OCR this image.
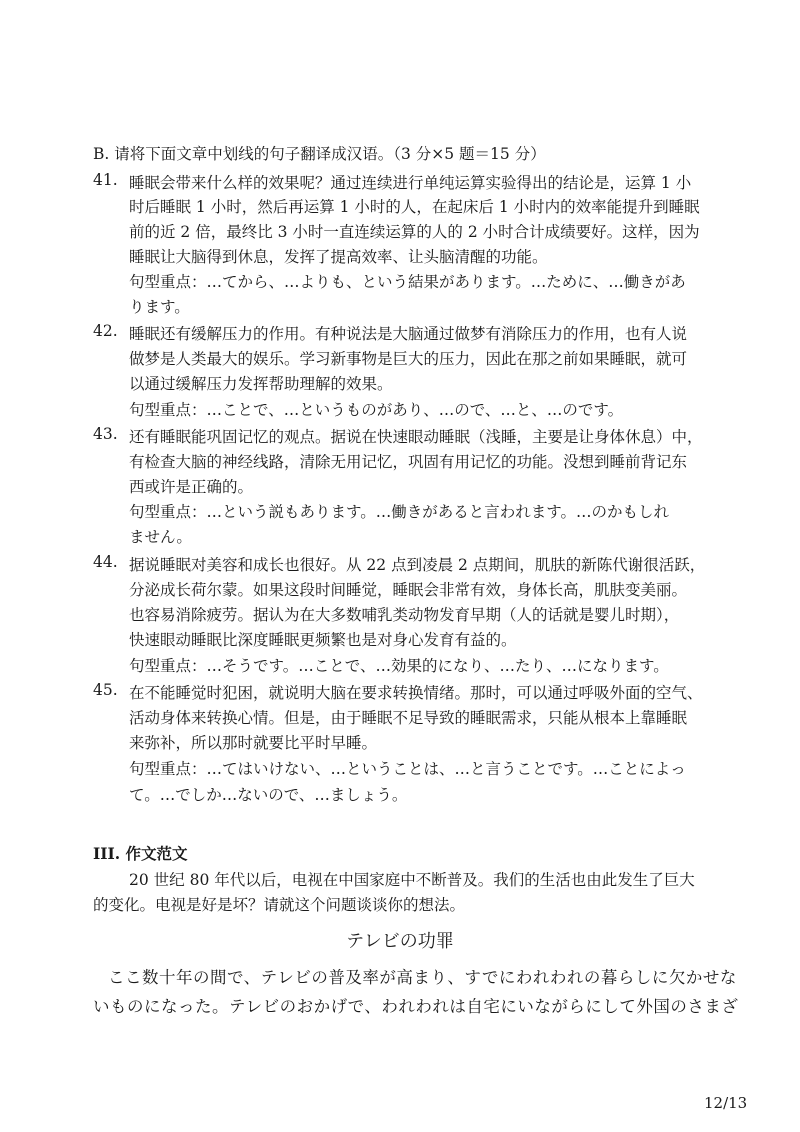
B. 请将下面文章中划线的句子翻译成汉语。（3 分×5 题＝15 分）
41. 睡眠会带来什么样的效果呢？通过连续进行单纯运算实验得出的结论是，运算 1 小
时后睡眠 1 小时，然后再运算 1 小时的人，在起床后 1 小时内的效率能提升到睡眠
前的近 2 倍，最终比 3 小时一直连续运算的人的 2 小时合计成绩要好。这样，因为
睡眠让大脑得到休息，发挥了提高效率、让头脑清醒的功能。
句型重点：…てから、…よりも、という結果があります。…ために、…働きがあ
ります。
42. 睡眠还有缓解压力的作用。有种说法是大脑通过做梦有消除压力的作用，也有人说
做梦是人类最大的娱乐。学习新事物是巨大的压力，因此在那之前如果睡眠，就可
以通过缓解压力发挥帮助理解的效果。
句型重点：…ことで、…というものがあり、…ので、…と、…のです。
43. 还有睡眠能巩固记忆的观点。据说在快速眼动睡眠（浅睡，主要是让身体休息）中，
有检查大脑的神经线路，清除无用记忆，巩固有用记忆的功能。没想到睡前背记东
西或许是正确的。
句型重点：…という説もあります。…働きがあると言われます。…のかもしれ
ません。
44. 据说睡眠对美容和成长也很好。从 22 点到凌晨 2 点期间，肌肤的新陈代谢很活跃，
分泌成长荷尔蒙。如果这段时间睡觉，睡眠会非常有效，身体长高，肌肤变美丽。
也容易消除疲劳。据认为在大多数哺乳类动物发育早期（人的话就是婴儿时期），
快速眼动睡眠比深度睡眠更频繁也是对身心发育有益的。
句型重点：…そうです。…ことで、…効果的になり、…たり、…になります。
45. 在不能睡觉时犯困，就说明大脑在要求转换情绪。那时，可以通过呼吸外面的空气、
活动身体来转换心情。但是，由于睡眠不足导致的睡眠需求，只能从根本上靠睡眠
来弥补，所以那时就要比平时早睡。
句型重点：…てはいけない、…ということは、…と言うことです。…ことによっ
て。…でしか…ないので、…ましょう。
III. 作文范文
20 世纪 80 年代以后，电视在中国家庭中不断普及。我们的生活也由此发生了巨大
的变化。电视是好是坏？请就这个问题谈谈你的想法。
テレビの功罪
ここ数十年の間で、テレビの普及率が高まり、すでにわれわれの暮らしに欠かせな
いものになった。テレビのおかげで、われわれは自宅にいながらにして外国のさまざ
12/13
